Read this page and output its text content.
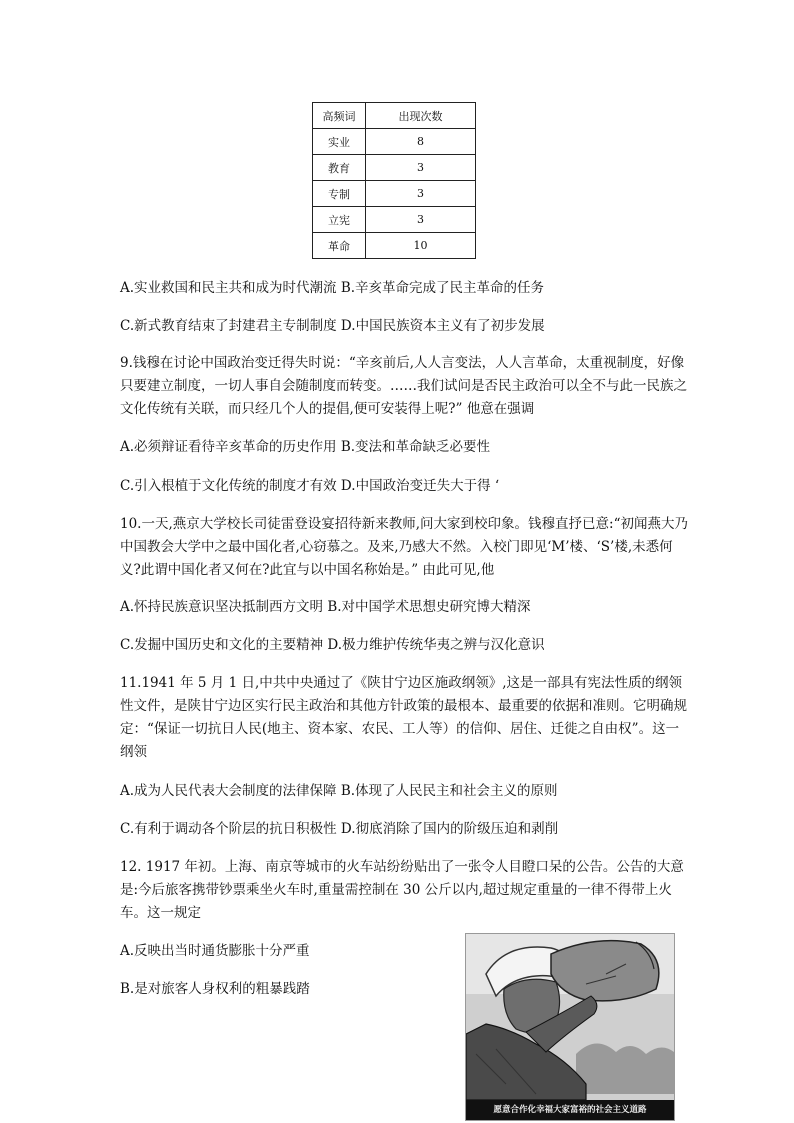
高频词	出现次数
实业	8
教育	3
专制	3
立宪	3
革命	10
A.实业救国和民主共和成为时代潮流 B.辛亥革命完成了民主革命的任务
C.新式教育结束了封建君主专制制度 D.中国民族资本主义有了初步发展

9.钱穆在讨论中国政治变迁得失时说：“辛亥前后,人人言变法，人人言革命，太重视制度，好像只要建立制度，一切人事自会随制度而转变。……我们试问是否民主政治可以全不与此一民族之文化传统有关联，而只经几个人的提倡,便可安装得上呢?” 他意在强调

A.必须辩证看待辛亥革命的历史作用 B.变法和革命缺乏必要性
C.引入根植于文化传统的制度才有效 D.中国政治变迁失大于得 ‘

10.一天,燕京大学校长司徒雷登设宴招待新来教师,问大家到校印象。钱穆直抒已意:“初闻燕大乃中国教会大学中之最中国化者,心窃慕之。及来,乃感大不然。入校门即见‘M’楼、‘S’楼,未悉何义?此谓中国化者又何在?此宜与以中国名称始是。” 由此可见,他

A.怀持民族意识坚决抵制西方文明 B.对中国学术思想史研究博大精深
C.发掘中国历史和文化的主要精神 D.极力维护传统华夷之辨与汉化意识

11.1941 年 5 月 1 日,中共中央通过了《陕甘宁边区施政纲领》,这是一部具有宪法性质的纲领性文件，是陕甘宁边区实行民主政治和其他方针政策的最根本、最重要的依据和准则。它明确规定：“保证一切抗日人民(地主、资本家、农民、工人等）的信仰、居住、迁徙之自由权”。这一纲领

A.成为人民代表大会制度的法律保障 B.体现了人民民主和社会主义的原则
C.有利于调动各个阶层的抗日积极性 D.彻底消除了国内的阶级压迫和剥削

12. 1917 年初。上海、南京等城市的火车站纷纷贴出了一张令人目瞪口呆的公告。公告的大意是:今后旅客携带钞票乘坐火车时,重量需控制在 30 公斤以内,超过规定重量的一律不得带上火车。这一规定

A.反映出当时通货膨胀十分严重
B.是对旅客人身权利的粗暴践踏
愿意合作化幸福大家富裕的社会主义道路
